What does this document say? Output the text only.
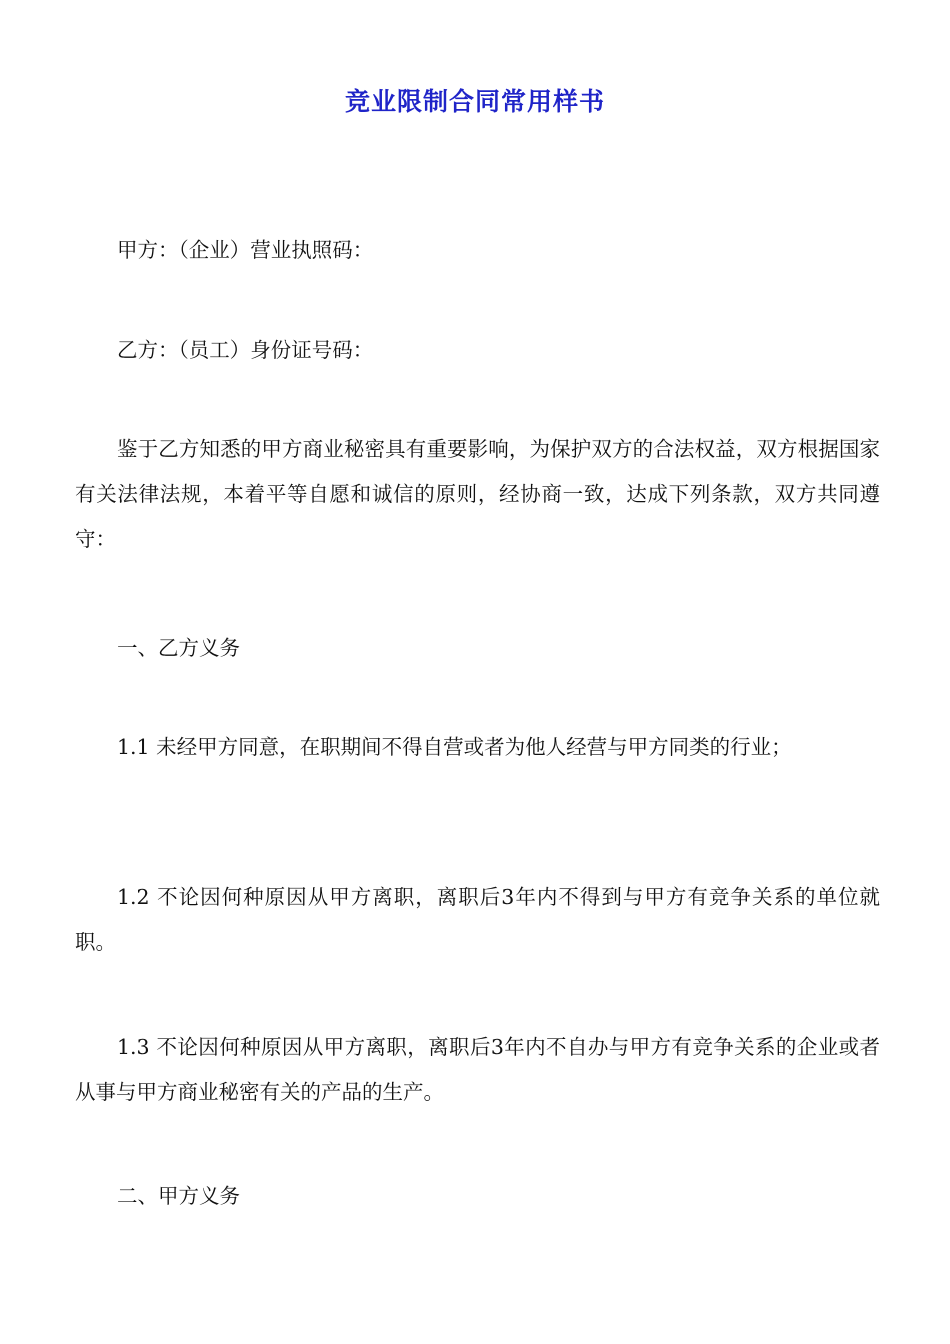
竞业限制合同常用样书

甲方：（企业）营业执照码：

乙方：（员工）身份证号码：

鉴于乙方知悉的甲方商业秘密具有重要影响，为保护双方的合法权益，双方根据国家有关法律法规，本着平等自愿和诚信的原则，经协商一致，达成下列条款，双方共同遵守：

一、乙方义务

1.1 未经甲方同意，在职期间不得自营或者为他人经营与甲方同类的行业；

1.2 不论因何种原因从甲方离职，离职后3年内不得到与甲方有竞争关系的单位就职。

1.3 不论因何种原因从甲方离职，离职后3年内不自办与甲方有竞争关系的企业或者从事与甲方商业秘密有关的产品的生产。

二、甲方义务
